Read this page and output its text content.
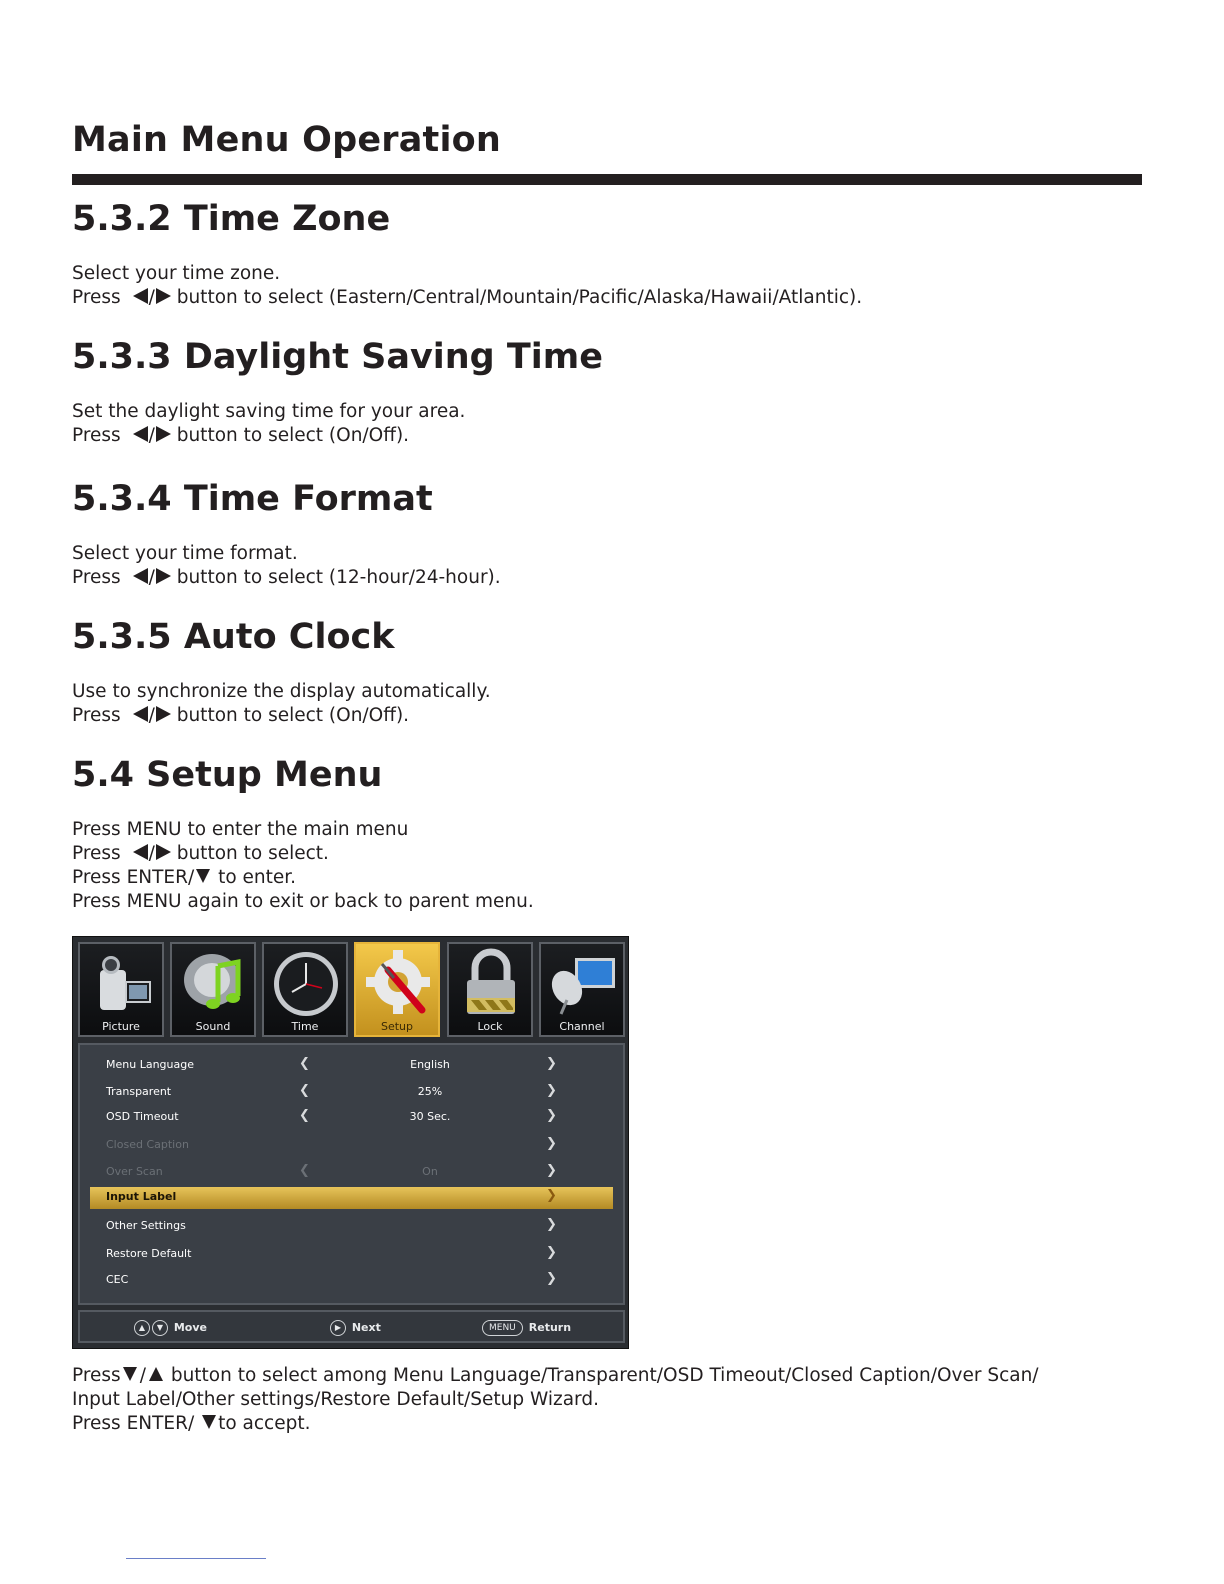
Main Menu Operation
5.3.2 Time Zone
Select your time zone.
Press / button to select (Eastern/Central/Mountain/Pacific/Alaska/Hawaii/Atlantic).
5.3.3 Daylight Saving Time
Set the daylight saving time for your area.
Press / button to select (On/Off).
5.3.4 Time Format
Select your time format.
Press / button to select (12-hour/24-hour).
5.3.5 Auto Clock
Use to synchronize the display automatically.
Press / button to select (On/Off).
5.4 Setup Menu
Press MENU to enter the main menu
Press / button to select.
Press ENTER/ to enter.
Press MENU again to exit or back to parent menu.
Picture	Sound	Time	Setup	Lock	Channel
Menu Language	❮	English	❯
Transparent	❮	25%	❯
OSD Timeout	❮	30 Sec.	❯
Closed Caption	❯
Over Scan	❮	On	❯
Input Label	❯
Other Settings	❯
Restore Default	❯
CEC	❯
▲ ▼ Move	▶ Next	MENU Return
Press / button to select among Menu Language/Transparent/OSD Timeout/Closed Caption/Over Scan/
Input Label/Other settings/Restore Default/Setup Wizard.
Press ENTER/ to accept.
